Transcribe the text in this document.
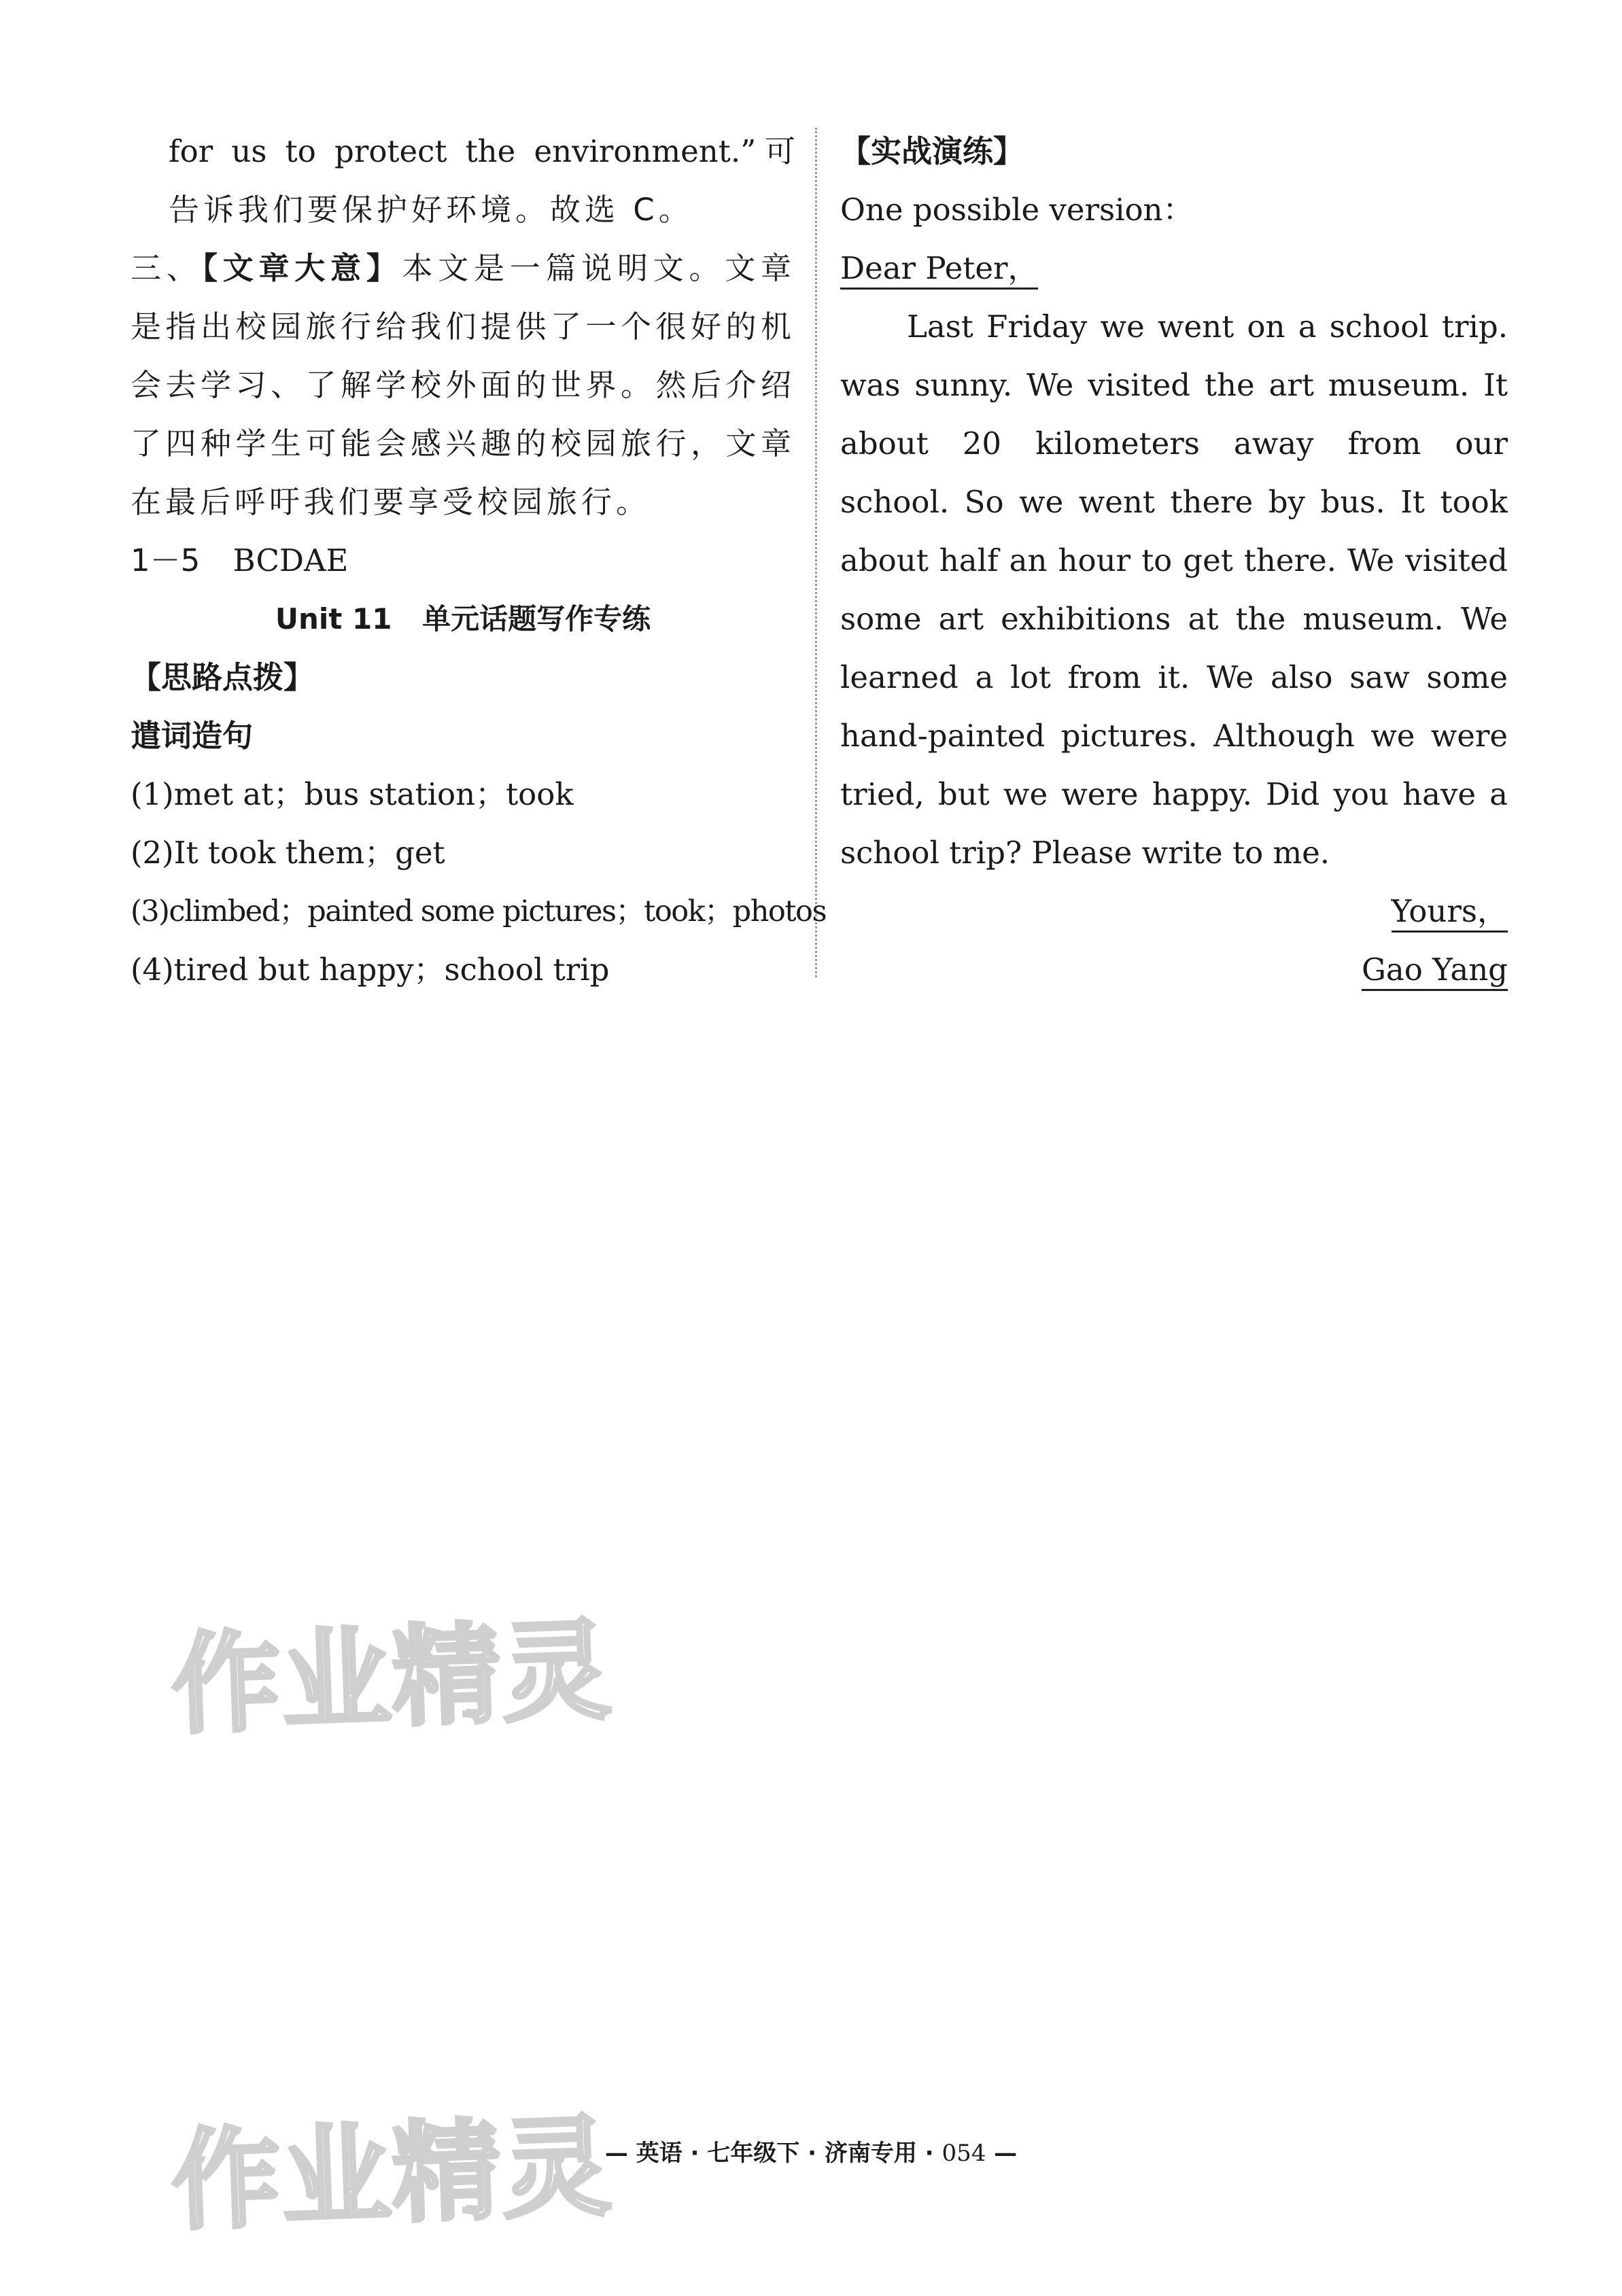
for us to protect the environment.”可
告诉我们要保护好环境。故选 C。
三、【文章大意】本文是一篇说明文。文章
是指出校园旅行给我们提供了一个很好的机
会去学习、了解学校外面的世界。然后介绍
了四种学生可能会感兴趣的校园旅行，文章
在最后呼吁我们要享受校园旅行。
1－5 BCDAE
Unit 11 单元话题写作专练
【思路点拨】
遣词造句
(1)met at；bus station；took
(2)It took them；get
(3)climbed；painted some pictures；took；photos
(4)tired but happy；school trip
【实战演练】
One possible version：
Dear Peter，
Last Friday we went on a school trip.
was sunny. We visited the art museum. It
about 20 kilometers away from our
school. So we went there by bus. It took
about half an hour to get there. We visited
some art exhibitions at the museum. We
learned a lot from it. We also saw some
hand-painted pictures. Although we were
tried, but we were happy. Did you have a
school trip? Please write to me.
Yours，
Gao Yang
作业精灵
作业精灵
— 英语 · 七年级下 · 济南专用 · 054 —
